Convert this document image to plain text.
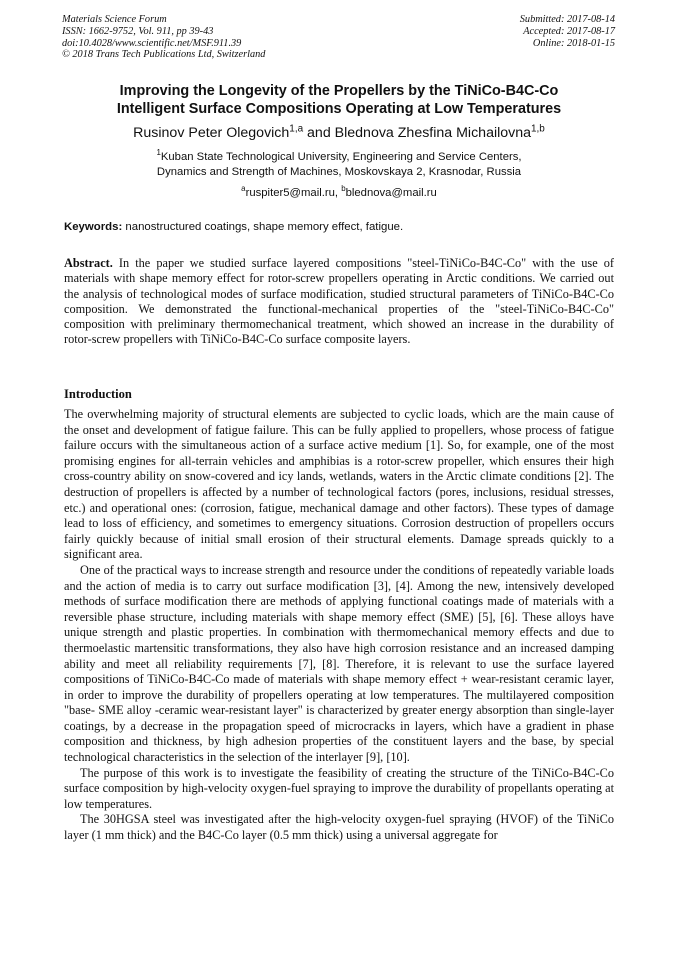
Materials Science Forum
ISSN: 1662-9752, Vol. 911, pp 39-43
doi:10.4028/www.scientific.net/MSF.911.39
© 2018 Trans Tech Publications Ltd, Switzerland
Submitted: 2017-08-14
Accepted: 2017-08-17
Online: 2018-01-15
Improving the Longevity of the Propellers by the TiNiCo-B4C-Co
Intelligent Surface Compositions Operating at Low Temperatures
Rusinov Peter Olegovich$^{1,a}$ and Blednova Zhesfina Michailovna$^{1,b}$
$^1$Kuban State Technological University, Engineering and Service Centers,
Dynamics and Strength of Machines, Moskovskaya 2, Krasnodar, Russia
$^a$ruspiter5@mail.ru, $^b$blednova@mail.ru
Keywords: nanostructured coatings, shape memory effect, fatigue.
Abstract. In the paper we studied surface layered compositions "steel-TiNiCo-B4C-Co" with the use of materials with shape memory effect for rotor-screw propellers operating in Arctic conditions. We carried out the analysis of technological modes of surface modification, studied structural parameters of TiNiCo-B4C-Co composition. We demonstrated the functional-mechanical properties of the "steel-TiNiCo-B4C-Co" composition with preliminary thermomechanical treatment, which showed an increase in the durability of rotor-screw propellers with TiNiCo-B4C-Co surface composite layers.
Introduction

The overwhelming majority of structural elements are subjected to cyclic loads, which are the main cause of the onset and development of fatigue failure. This can be fully applied to propellers, whose process of fatigue failure occurs with the simultaneous action of a surface active medium [1]. So, for example, one of the most promising engines for all-terrain vehicles and amphibias is a rotor-screw propeller, which ensures their high cross-country ability on snow-covered and icy lands, wetlands, waters in the Arctic climate conditions [2]. The destruction of propellers is affected by a number of technological factors (pores, inclusions, residual stresses, etc.) and operational ones: (corrosion, fatigue, mechanical damage and other factors). These types of damage lead to loss of efficiency, and sometimes to emergency situations. Corrosion destruction of propellers occurs fairly quickly because of initial small erosion of their structural elements. Damage spreads quickly to a significant area.

One of the practical ways to increase strength and resource under the conditions of repeatedly variable loads and the action of media is to carry out surface modification [3], [4]. Among the new, intensively developed methods of surface modification there are methods of applying functional coatings made of materials with a reversible phase structure, including materials with shape memory effect (SME) [5], [6]. These alloys have unique strength and plastic properties. In combination with thermomechanical memory effects and due to thermoelastic martensitic transformations, they also have high corrosion resistance and an increased damping ability and meet all reliability requirements [7], [8]. Therefore, it is relevant to use the surface layered compositions of TiNiCo-B4C-Co made of materials with shape memory effect + wear-resistant ceramic layer, in order to improve the durability of propellers operating at low temperatures. The multilayered composition "base- SME alloy -ceramic wear-resistant layer" is characterized by greater energy absorption than single-layer coatings, by a decrease in the propagation speed of microcracks in layers, which have a gradient in phase composition and thickness, by high adhesion properties of the constituent layers and the base, by special technological characteristics in the selection of the interlayer [9], [10].

The purpose of this work is to investigate the feasibility of creating the structure of the TiNiCo-B4C-Co surface composition by high-velocity oxygen-fuel spraying to improve the durability of propellants operating at low temperatures.

The 30HGSA steel was investigated after the high-velocity oxygen-fuel spraying (HVOF) of the TiNiCo layer (1 mm thick) and the B4C-Co layer (0.5 mm thick) using a universal aggregate for
